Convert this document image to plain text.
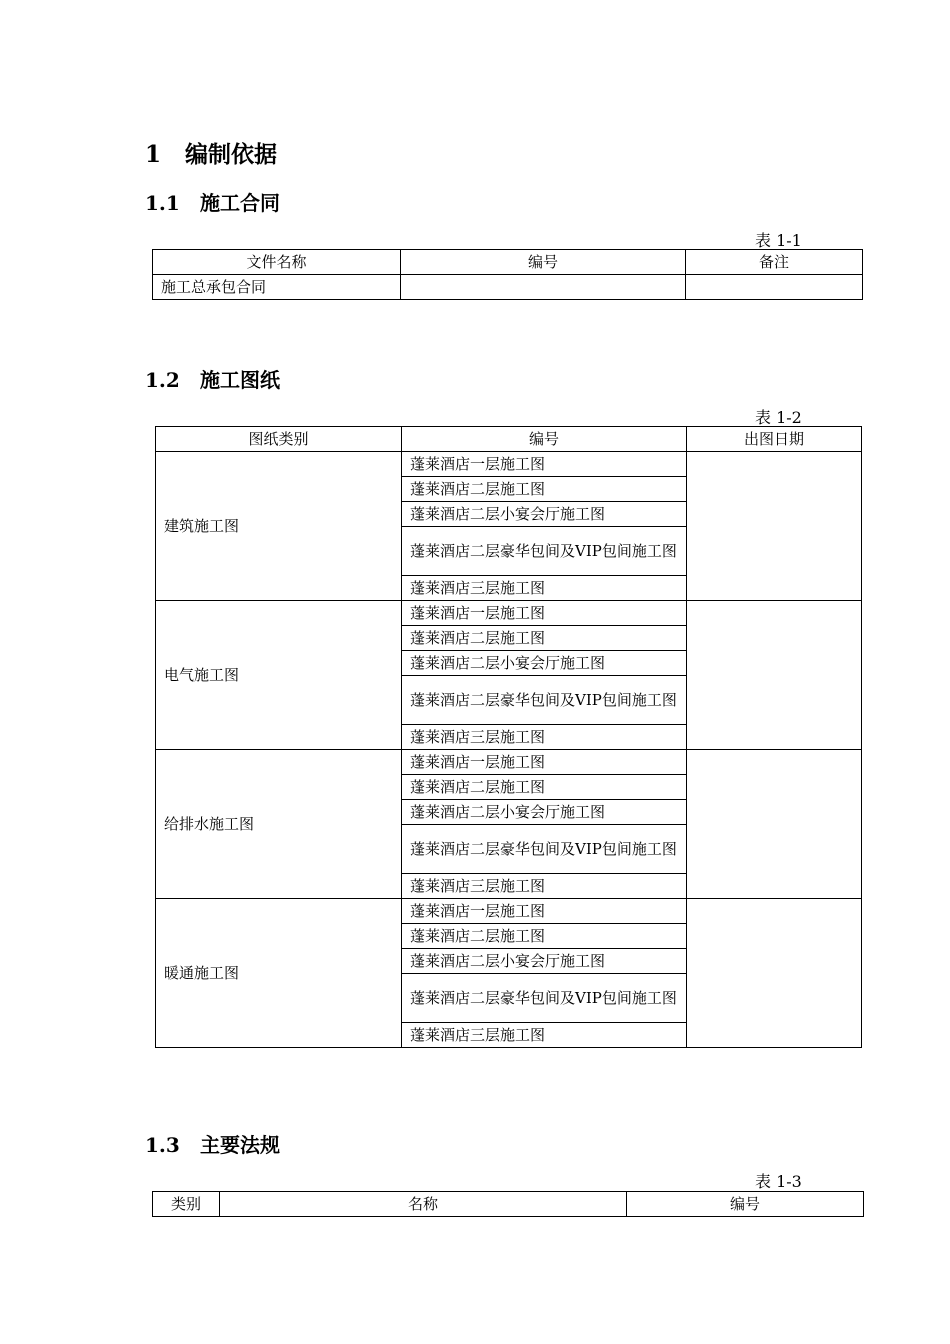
1 编制依据
1.1 施工合同
表 1-1
文件名称	编号	备注
施工总承包合同		
1.2 施工图纸
表 1-2
图纸类别	编号	出图日期
建筑施工图	蓬莱酒店一层施工图	
	蓬莱酒店二层施工图	
	蓬莱酒店二层小宴会厅施工图	
	蓬莱酒店二层豪华包间及VIP包间施工图	
	蓬莱酒店三层施工图	
电气施工图	蓬莱酒店一层施工图	
	蓬莱酒店二层施工图	
	蓬莱酒店二层小宴会厅施工图	
	蓬莱酒店二层豪华包间及VIP包间施工图	
	蓬莱酒店三层施工图	
给排水施工图	蓬莱酒店一层施工图	
	蓬莱酒店二层施工图	
	蓬莱酒店二层小宴会厅施工图	
	蓬莱酒店二层豪华包间及VIP包间施工图	
	蓬莱酒店三层施工图	
暖通施工图	蓬莱酒店一层施工图	
	蓬莱酒店二层施工图	
	蓬莱酒店二层小宴会厅施工图	
	蓬莱酒店二层豪华包间及VIP包间施工图	
	蓬莱酒店三层施工图	
1.3 主要法规
表 1-3
类别	名称	编号
